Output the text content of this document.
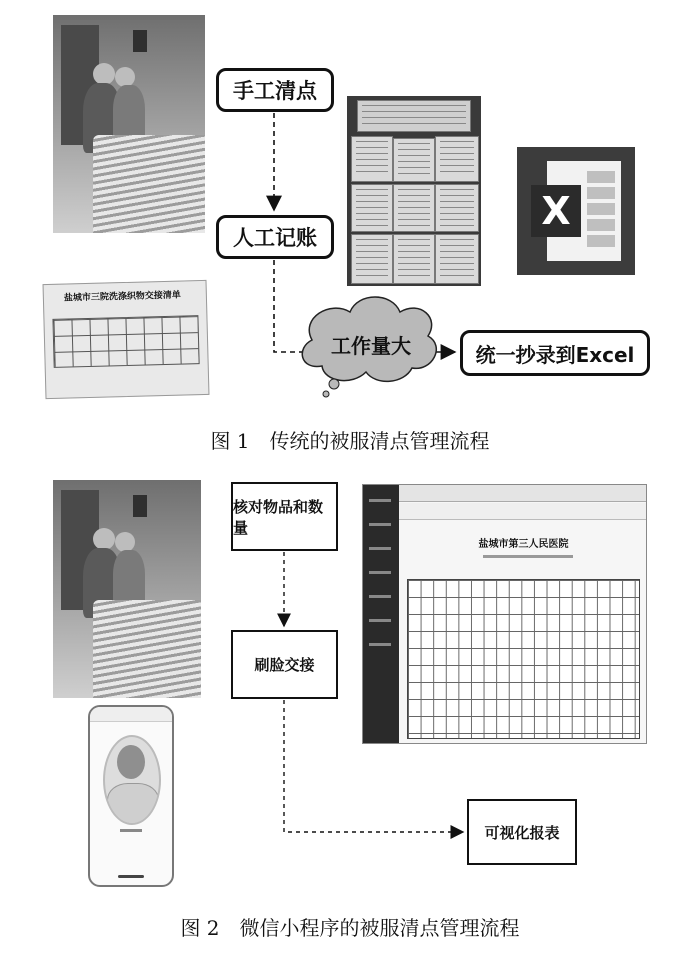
手工清点
人工记账
统一抄录到Excel
工作量大
盐城市三院洗涤织物交接清单
X
图 1　传统的被服清点管理流程
核对物品和数量
刷脸交接
可视化报表
盐城市第三人民医院
图 2　微信小程序的被服清点管理流程
